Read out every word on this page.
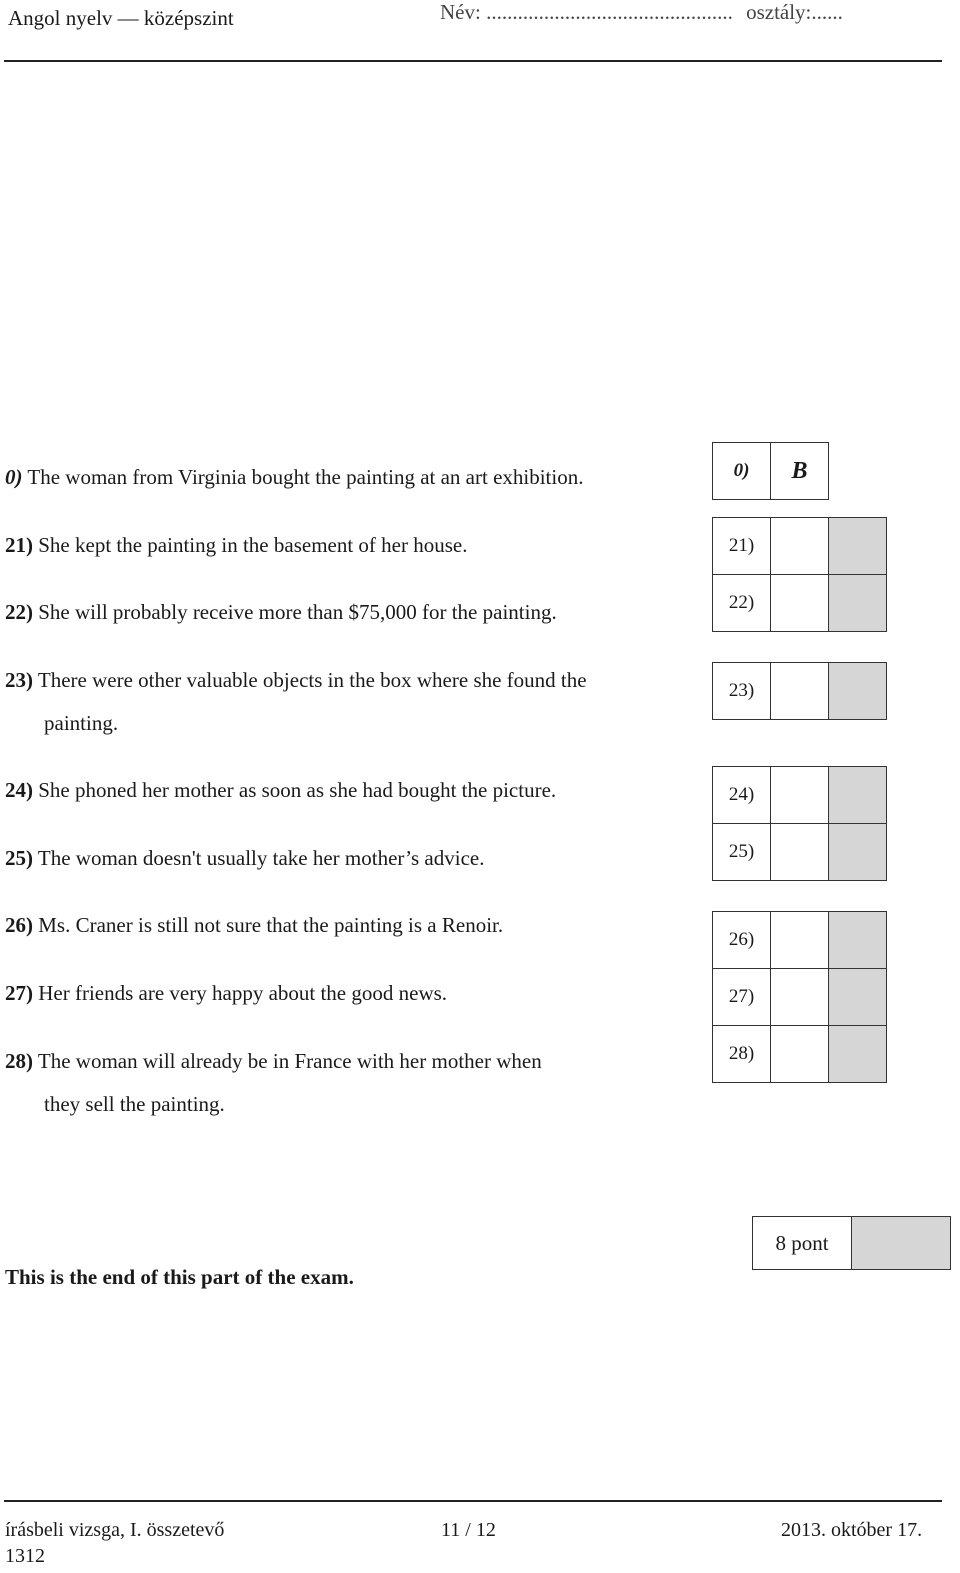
Angol nyelv — középszint	Név: ............................................... osztály:......
0) The woman from Virginia bought the painting at an art exhibition.
21) She kept the painting in the basement of her house.
22) She will probably receive more than $75,000 for the painting.
23) There were other valuable objects in the box where she found the
painting.
24) She phoned her mother as soon as she had bought the picture.
25) The woman doesn't usually take her mother’s advice.
26) Ms. Craner is still not sure that the painting is a Renoir.
27) Her friends are very happy about the good news.
28) The woman will already be in France with her mother when
they sell the painting.
0)	B
21)		
22)		
23)		
24)		
25)		
26)		
27)		
28)		
This is the end of this part of the exam.
8 pont	
írásbeli vizsga, I. összetevő	11 / 12	2013. október 17.
1312
